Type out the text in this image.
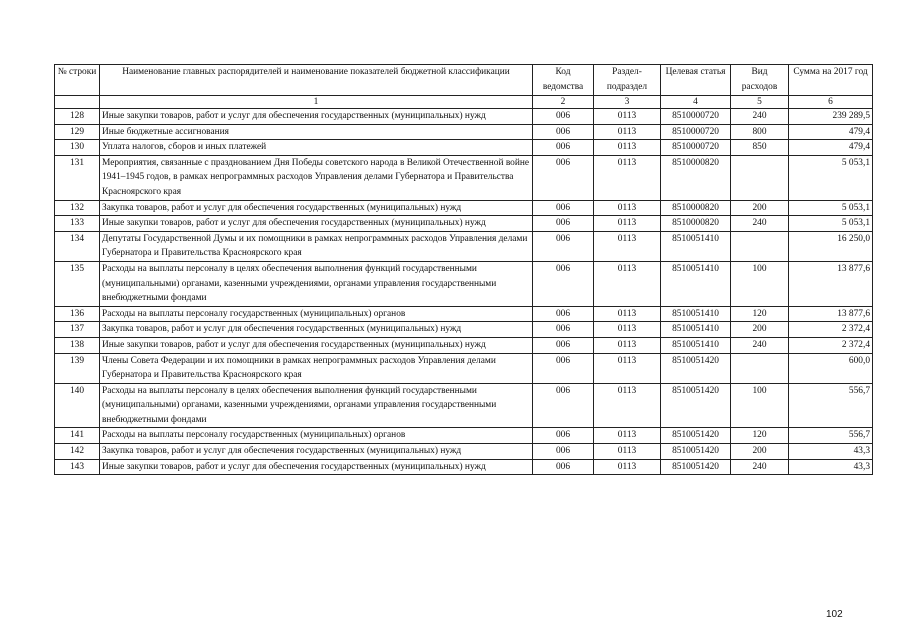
№ строки	Наименование главных распорядителей и наименование показателей бюджетной классификации	Код ведомства	Раздел-подраздел	Целевая статья	Вид расходов	Сумма на 2017 год
	1	2	3	4	5	6
128	Иные закупки товаров, работ и услуг для обеспечения государственных (муниципальных) нужд	006	0113	8510000720	240	239 289,5
129	Иные бюджетные ассигнования	006	0113	8510000720	800	479,4
130	Уплата налогов, сборов и иных платежей	006	0113	8510000720	850	479,4
131	Мероприятия, связанные с празднованием Дня Победы советского народа в Великой Отечественной войне 1941–1945 годов, в рамках непрограммных расходов Управления делами Губернатора и Правительства Красноярского края	006	0113	8510000820		5 053,1
132	Закупка товаров, работ и услуг для обеспечения государственных (муниципальных) нужд	006	0113	8510000820	200	5 053,1
133	Иные закупки товаров, работ и услуг для обеспечения государственных (муниципальных) нужд	006	0113	8510000820	240	5 053,1
134	Депутаты Государственной Думы и их помощники в рамках непрограммных расходов Управления делами Губернатора и Правительства Красноярского края	006	0113	8510051410		16 250,0
135	Расходы на выплаты персоналу в целях обеспечения выполнения функций государственными (муниципальными) органами, казенными учреждениями, органами управления государственными внебюджетными фондами	006	0113	8510051410	100	13 877,6
136	Расходы на выплаты персоналу государственных (муниципальных) органов	006	0113	8510051410	120	13 877,6
137	Закупка товаров, работ и услуг для обеспечения государственных (муниципальных) нужд	006	0113	8510051410	200	2 372,4
138	Иные закупки товаров, работ и услуг для обеспечения государственных (муниципальных) нужд	006	0113	8510051410	240	2 372,4
139	Члены Совета Федерации и их помощники в рамках непрограммных расходов Управления делами Губернатора и Правительства Красноярского края	006	0113	8510051420		600,0
140	Расходы на выплаты персоналу в целях обеспечения выполнения функций государственными (муниципальными) органами, казенными учреждениями, органами управления государственными внебюджетными фондами	006	0113	8510051420	100	556,7
141	Расходы на выплаты персоналу государственных (муниципальных) органов	006	0113	8510051420	120	556,7
142	Закупка товаров, работ и услуг для обеспечения государственных (муниципальных) нужд	006	0113	8510051420	200	43,3
143	Иные закупки товаров, работ и услуг для обеспечения государственных (муниципальных) нужд	006	0113	8510051420	240	43,3
102
